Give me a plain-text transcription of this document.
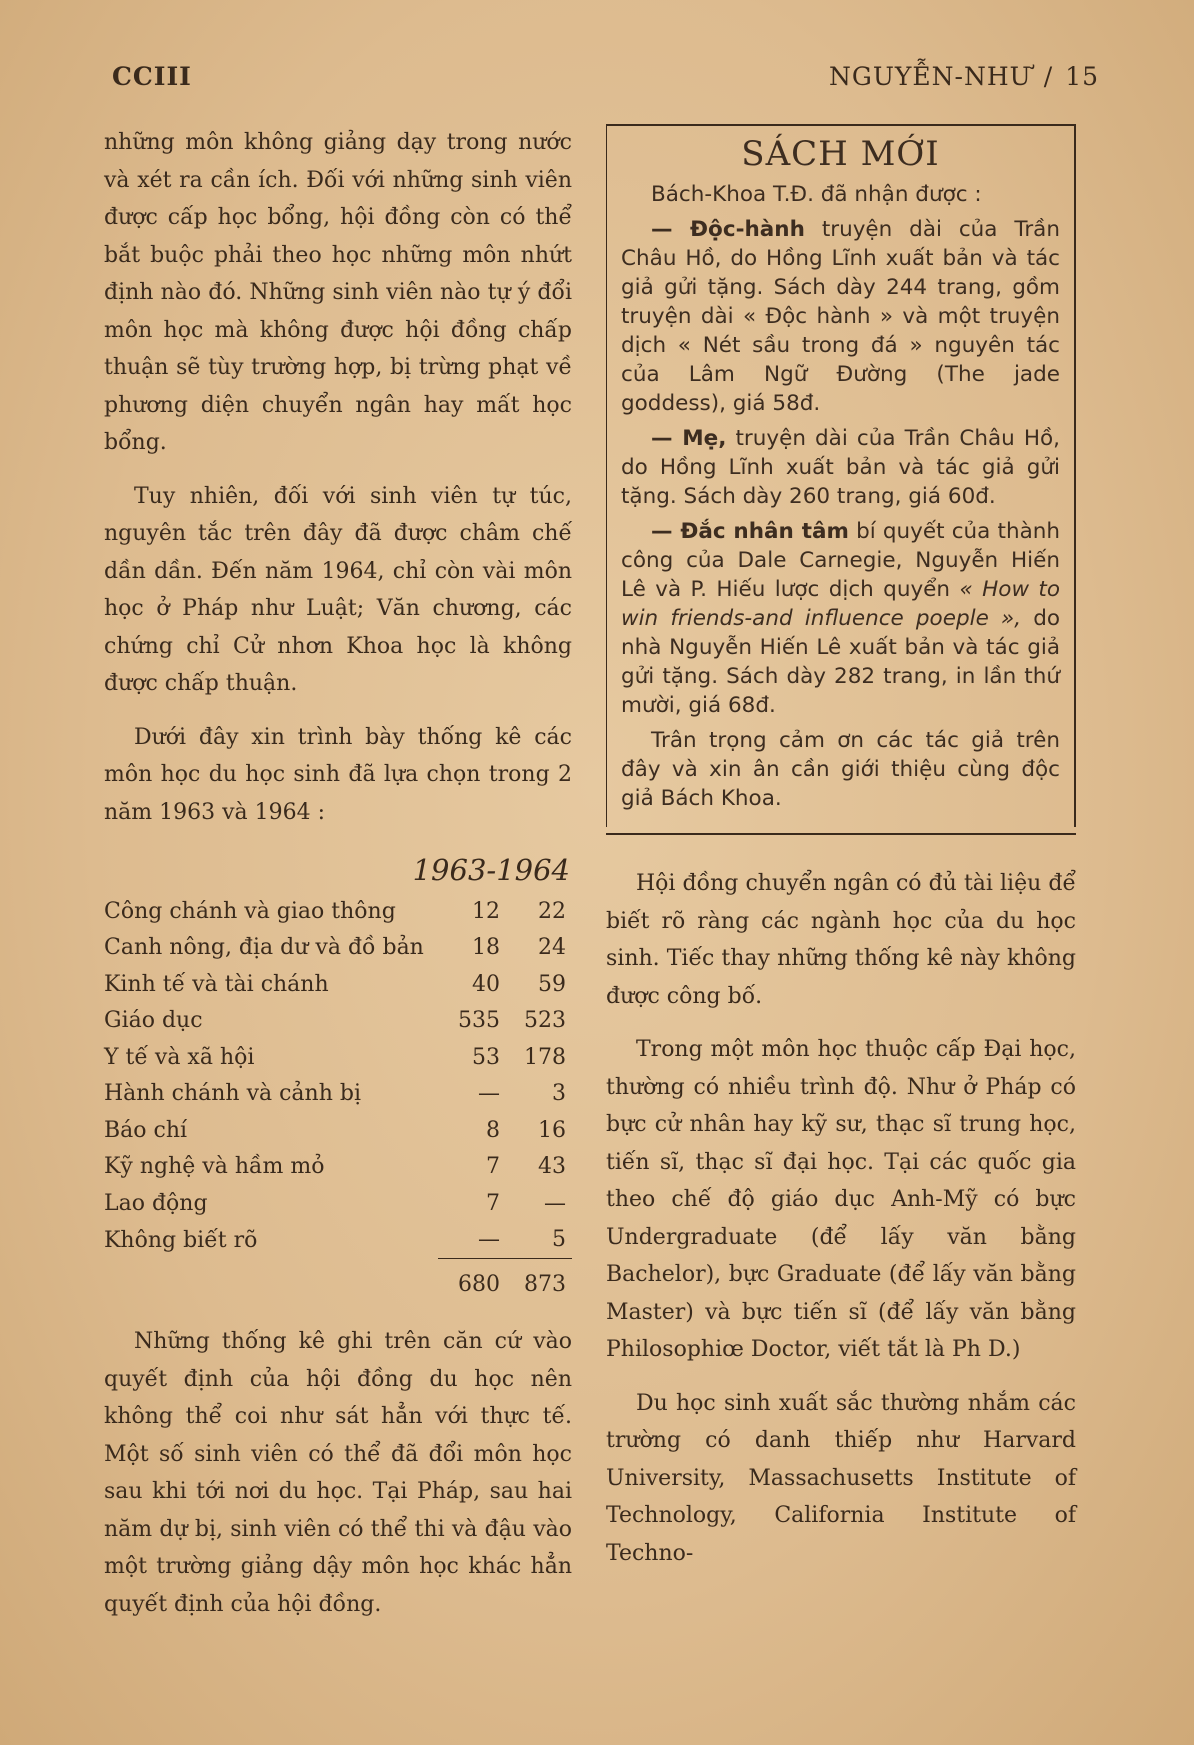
CCIII	NGUYỄN-NHƯ / 15

những môn không giảng dạy trong nước và xét ra cần ích. Đối với những sinh viên được cấp học bổng, hội đồng còn có thể bắt buộc phải theo học những môn nhứt định nào đó. Những sinh viên nào tự ý đổi môn học mà không được hội đồng chấp thuận sẽ tùy trường hợp, bị trừng phạt về phương diện chuyển ngân hay mất học bổng.

Tuy nhiên, đối với sinh viên tự túc, nguyên tắc trên đây đã được châm chế dần dần. Đến năm 1964, chỉ còn vài môn học ở Pháp như Luật; Văn chương, các chứng chỉ Cử nhơn Khoa học là không được chấp thuận.

Dưới đây xin trình bày thống kê các môn học du học sinh đã lựa chọn trong 2 năm 1963 và 1964 :

1963-1964
Công chánh và giao thông	12	22
Canh nông, địa dư và đồ bản	18	24
Kinh tế và tài chánh	40	59
Giáo dục	535	523
Y tế và xã hội	53	178
Hành chánh và cảnh bị	—	3
Báo chí	8	16
Kỹ nghệ và hầm mỏ	7	43
Lao động	7	—
Không biết rõ	—	5
	680	873

Những thống kê ghi trên căn cứ vào quyết định của hội đồng du học nên không thể coi như sát hẳn với thực tế. Một số sinh viên có thể đã đổi môn học sau khi tới nơi du học. Tại Pháp, sau hai năm dự bị, sinh viên có thể thi và đậu vào một trường giảng dậy môn học khác hẳn quyết định của hội đồng.

SÁCH MỚI

Bách-Khoa T.Đ. đã nhận được :

— Độc-hành truyện dài của Trần Châu Hồ, do Hồng Lĩnh xuất bản và tác giả gửi tặng. Sách dày 244 trang, gồm truyện dài « Độc hành » và một truyện dịch « Nét sầu trong đá » nguyên tác của Lâm Ngữ Đường (The jade goddess), giá 58đ.

— Mẹ, truyện dài của Trần Châu Hồ, do Hồng Lĩnh xuất bản và tác giả gửi tặng. Sách dày 260 trang, giá 60đ.

— Đắc nhân tâm bí quyết của thành công của Dale Carnegie, Nguyễn Hiến Lê và P. Hiếu lược dịch quyển « How to win friends-and influence poeple », do nhà Nguyễn Hiến Lê xuất bản và tác giả gửi tặng. Sách dày 282 trang, in lần thứ mười, giá 68đ.

Trân trọng cảm ơn các tác giả trên đây và xin ân cần giới thiệu cùng độc giả Bách Khoa.

Hội đồng chuyển ngân có đủ tài liệu để biết rõ ràng các ngành học của du học sinh. Tiếc thay những thống kê này không được công bố.

Trong một môn học thuộc cấp Đại học, thường có nhiều trình độ. Như ở Pháp có bực cử nhân hay kỹ sư, thạc sĩ trung học, tiến sĩ, thạc sĩ đại học. Tại các quốc gia theo chế độ giáo dục Anh-Mỹ có bực Undergraduate (để lấy văn bằng Bachelor), bực Graduate (để lấy văn bằng Master) và bực tiến sĩ (để lấy văn bằng Philosophiœ Doctor, viết tắt là Ph D.)

Du học sinh xuất sắc thường nhắm các trường có danh thiếp như Harvard University, Massachusetts Institute of Technology, California Institute of Techno-
